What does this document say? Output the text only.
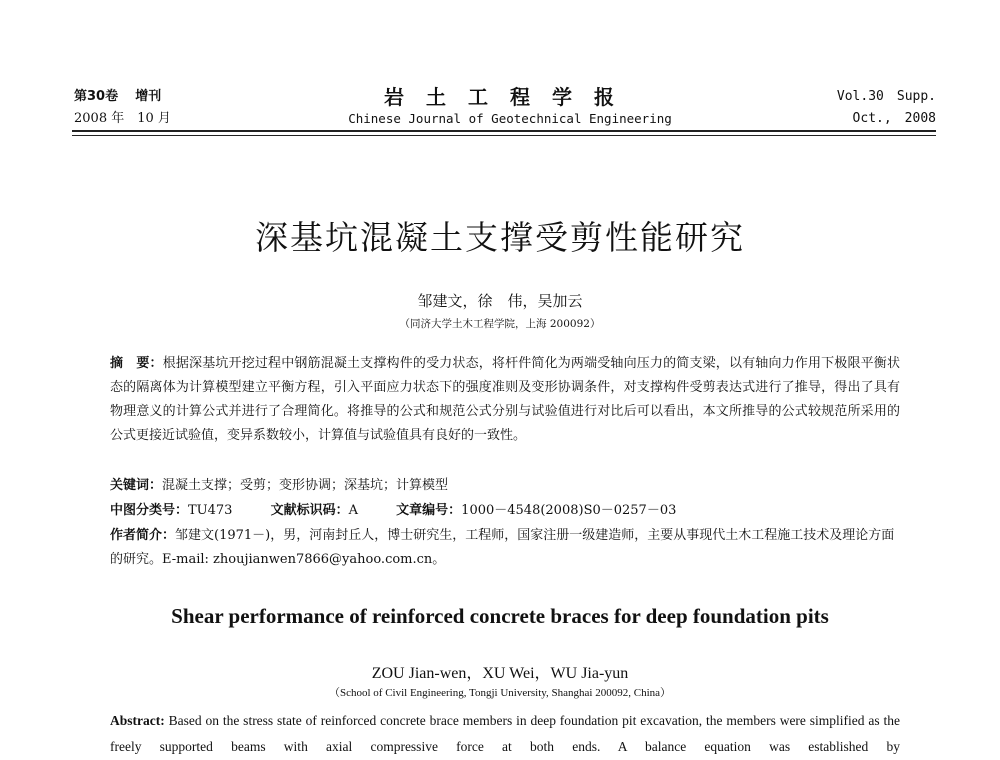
第30卷　 增刊
2008 年　10 月
岩土工程学报
Chinese Journal of Geotechnical Engineering
Vol.30　Supp.
Oct.,　2008
深基坑混凝土支撑受剪性能研究
邹建文，徐　伟，吴加云
（同济大学土木工程学院，上海 200092）
摘　要：根据深基坑开挖过程中钢筋混凝土支撑构件的受力状态，将杆件简化为两端受轴向压力的简支梁，以有轴向力作用下极限平衡状态的隔离体为计算模型建立平衡方程，引入平面应力状态下的强度准则及变形协调条件，对支撑构件受剪表达式进行了推导，得出了具有物理意义的计算公式并进行了合理简化。将推导的公式和规范公式分别与试验值进行对比后可以看出，本文所推导的公式较规范所采用的公式更接近试验值，变异系数较小，计算值与试验值具有良好的一致性。
关键词：混凝土支撑；受剪；变形协调；深基坑；计算模型
中图分类号：TU473	文献标识码：A	文章编号：1000－4548(2008)S0－0257－03
作者简介：邹建文(1971－)，男，河南封丘人，博士研究生，工程师，国家注册一级建造师，主要从事现代土木工程施工技术及理论方面的研究。E-mail: zhoujianwen7866@yahoo.com.cn。
Shear performance of reinforced concrete braces for deep foundation pits
ZOU Jian-wen，XU Wei，WU Jia-yun
（School of Civil Engineering, Tongji University, Shanghai 200092, China）
Abstract: Based on the stress state of reinforced concrete brace members in deep foundation pit excavation, the members were simplified as the freely supported beams with axial compressive force at both ends. A balance equation was established by
